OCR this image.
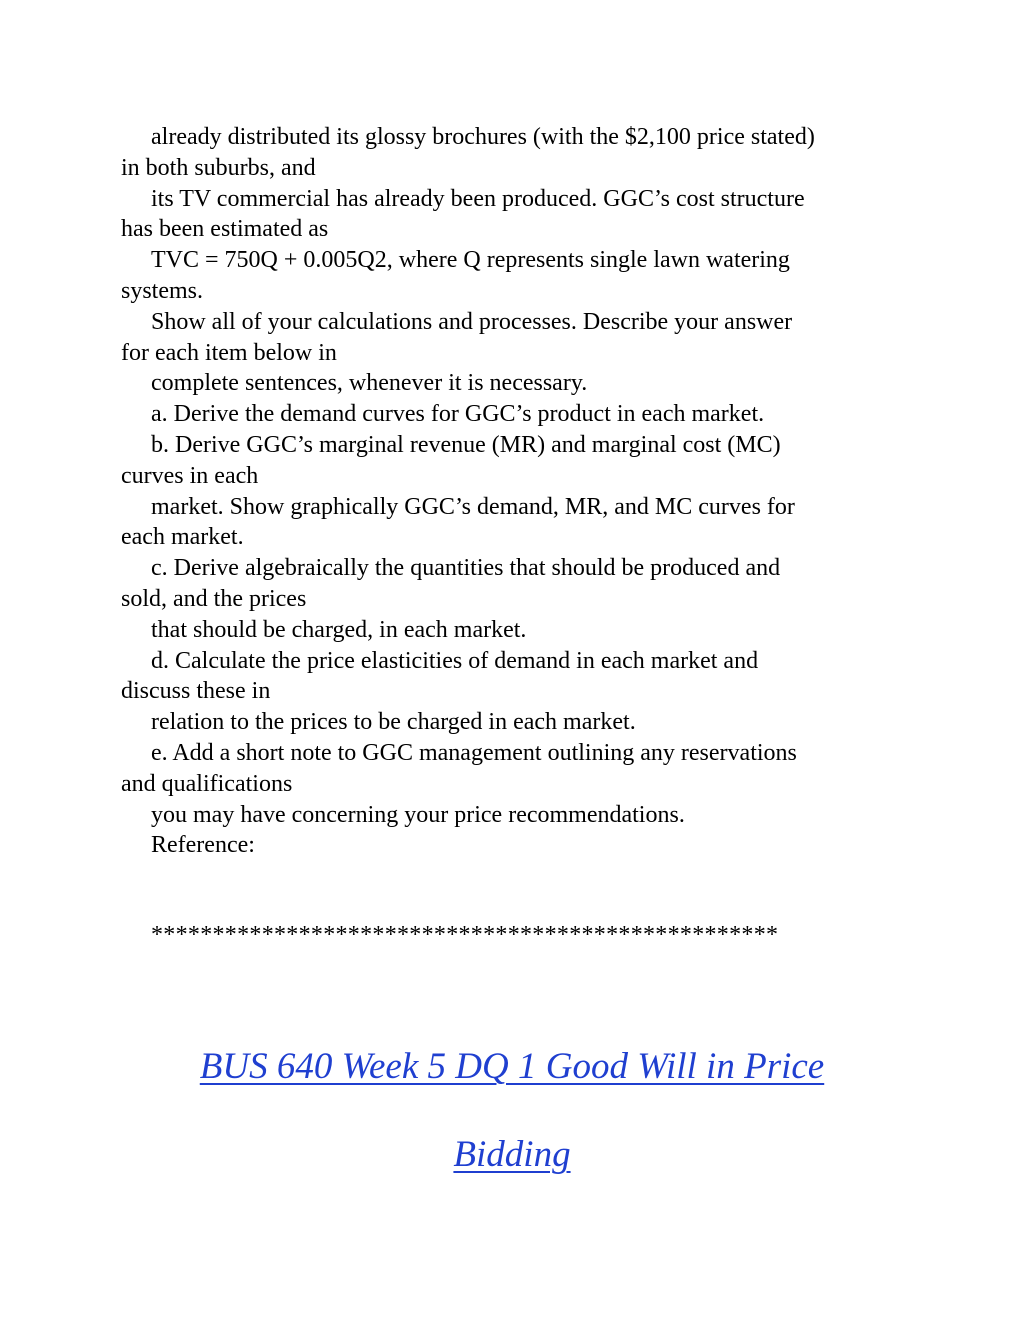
already distributed its glossy brochures (with the $2,100 price stated)
in both suburbs, and
its TV commercial has already been produced. GGC’s cost structure
has been estimated as
TVC = 750Q + 0.005Q2, where Q represents single lawn watering
systems.
Show all of your calculations and processes. Describe your answer
for each item below in
complete sentences, whenever it is necessary.
a. Derive the demand curves for GGC’s product in each market.
b. Derive GGC’s marginal revenue (MR) and marginal cost (MC)
curves in each
market. Show graphically GGC’s demand, MR, and MC curves for
each market.
c. Derive algebraically the quantities that should be produced and
sold, and the prices
that should be charged, in each market.
d. Calculate the price elasticities of demand in each market and
discuss these in
relation to the prices to be charged in each market.
e. Add a short note to GGC management outlining any reservations
and qualifications
you may have concerning your price recommendations.
Reference:
***************************************************
BUS 640 Week 5 DQ 1 Good Will in Price
Bidding
